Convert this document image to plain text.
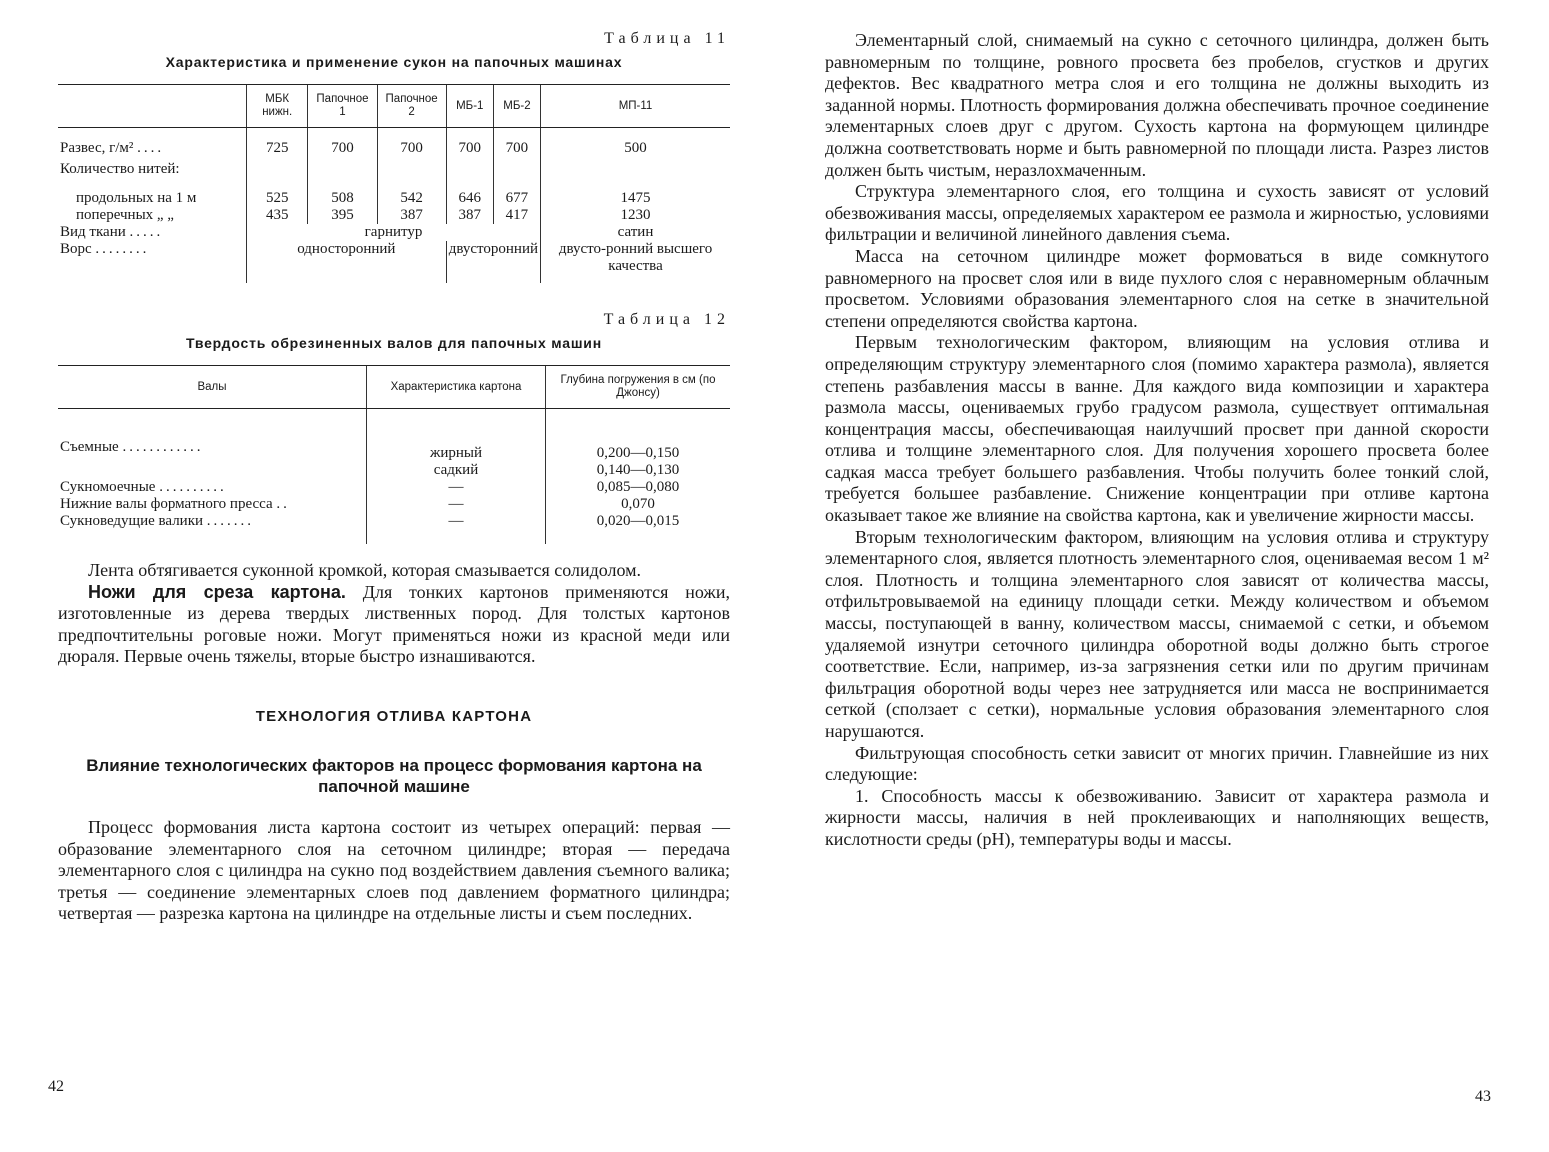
Таблица 11
Характеристика и применение сукон на папочных машинах
	МБК нижн.	Папочное 1	Папочное 2	МБ-1	МБ-2	МП-11
Развес, г/м² ....	725	700	700	700	700	500
Количество нитей:						

продольных на 1 м	525	508	542	646	677	1475
поперечных „ „	435	395	387	387	417	1230
Вид ткани .....	гарнитур					сатин
Ворс ........	односторонний			двусторонний		двусто-ронний высшего качества

Таблица 12
Твердость обрезиненных валов для папочных машин
Валы	Характеристика картона	Глубина погружения в см (по Джонсу)
Съемные ............	жирный	0,200—0,150
	садкий	0,140—0,130
Сукномоечные ..........	—	0,085—0,080
Нижние валы форматного пресса ..	—	0,070
Сукноведущие валики .......	—	0,020—0,015

Лента обтягивается суконной кромкой, которая смазывается солидолом.

Ножи для среза картона. Для тонких картонов применяются ножи, изготовленные из дерева твердых лиственных пород. Для толстых картонов предпочтительны роговые ножи. Могут применяться ножи из красной меди или дюраля. Первые очень тяжелы, вторые быстро изнашиваются.

ТЕХНОЛОГИЯ ОТЛИВА КАРТОНА
Влияние технологических факторов на процесс формования картона на папочной машине

Процесс формования листа картона состоит из четырех операций: первая — образование элементарного слоя на сеточном цилиндре; вторая — передача элементарного слоя с цилиндра на сукно под воздействием давления съемного валика; третья — соединение элементарных слоев под давлением форматного цилиндра; четвертая — разрезка картона на цилиндре на отдельные листы и съем последних.

42

Элементарный слой, снимаемый на сукно с сеточного цилиндра, должен быть равномерным по толщине, ровного просвета без пробелов, сгустков и других дефектов. Вес квадратного метра слоя и его толщина не должны выходить из заданной нормы. Плотность формирования должна обеспечивать прочное соединение элементарных слоев друг с другом. Сухость картона на формующем цилиндре должна соответствовать норме и быть равномерной по площади листа. Разрез листов должен быть чистым, неразлохмаченным.

Структура элементарного слоя, его толщина и сухость зависят от условий обезвоживания массы, определяемых характером ее размола и жирностью, условиями фильтрации и величиной линейного давления съема.

Масса на сеточном цилиндре может формоваться в виде сомкнутого равномерного на просвет слоя или в виде пухлого слоя с неравномерным облачным просветом. Условиями образования элементарного слоя на сетке в значительной степени определяются свойства картона.

Первым технологическим фактором, влияющим на условия отлива и определяющим структуру элементарного слоя (помимо характера размола), является степень разбавления массы в ванне. Для каждого вида композиции и характера размола массы, оцениваемых грубо градусом размола, существует оптимальная концентрация массы, обеспечивающая наилучший просвет при данной скорости отлива и толщине элементарного слоя. Для получения хорошего просвета более садкая масса требует большего разбавления. Чтобы получить более тонкий слой, требуется большее разбавление. Снижение концентрации при отливе картона оказывает такое же влияние на свойства картона, как и увеличение жирности массы.

Вторым технологическим фактором, влияющим на условия отлива и структуру элементарного слоя, является плотность элементарного слоя, оцениваемая весом 1 м² слоя. Плотность и толщина элементарного слоя зависят от количества массы, отфильтровываемой на единицу площади сетки. Между количеством и объемом массы, поступающей в ванну, количеством массы, снимаемой с сетки, и объемом удаляемой изнутри сеточного цилиндра оборотной воды должно быть строгое соответствие. Если, например, из-за загрязнения сетки или по другим причинам фильтрация оборотной воды через нее затрудняется или масса не воспринимается сеткой (сползает с сетки), нормальные условия образования элементарного слоя нарушаются.

Фильтрующая способность сетки зависит от многих причин. Главнейшие из них следующие:

1. Способность массы к обезвоживанию. Зависит от характера размола и жирности массы, наличия в ней проклеивающих и наполняющих веществ, кислотности среды (pH), температуры воды и массы.

43
